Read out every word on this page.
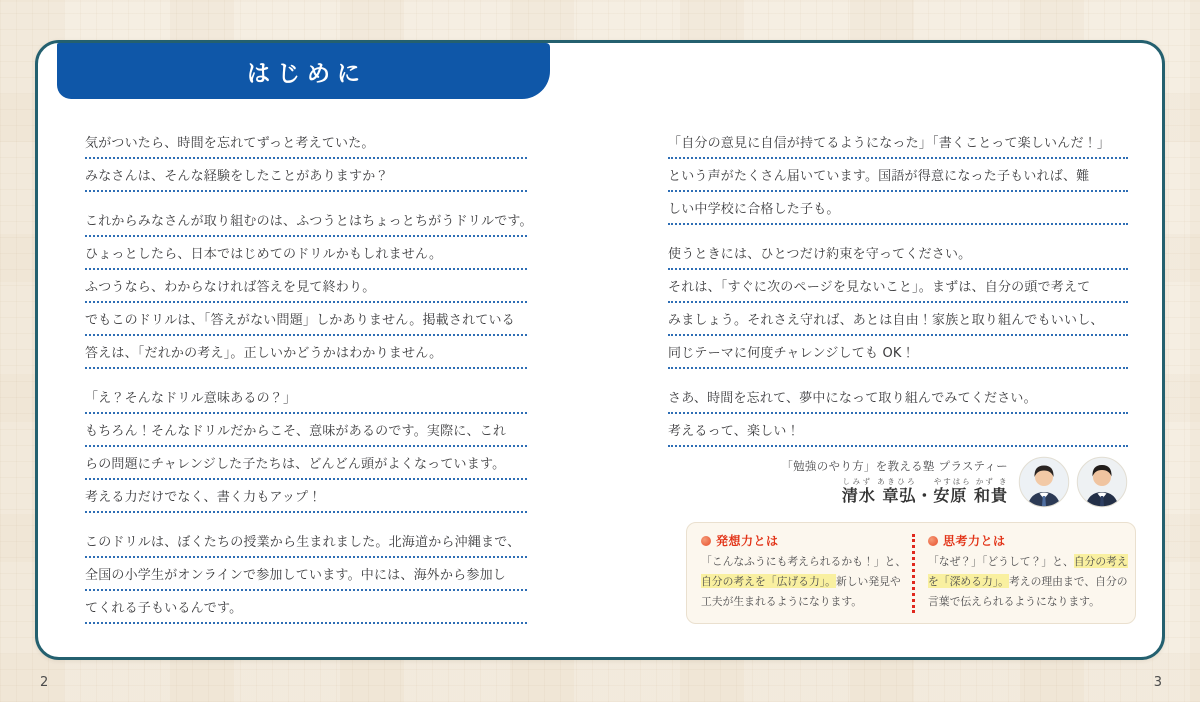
はじめに
気がついたら、時間を忘れてずっと考えていた。
みなさんは、そんな経験をしたことがありますか？
これからみなさんが取り組むのは、ふつうとはちょっとちがうドリルです。
ひょっとしたら、日本ではじめてのドリルかもしれません。
ふつうなら、わからなければ答えを見て終わり。
でもこのドリルは、「答えがない問題」しかありません。掲載されている
答えは、「だれかの考え」。正しいかどうかはわかりません。
「え？そんなドリル意味あるの？」
もちろん！そんなドリルだからこそ、意味があるのです。実際に、これ
らの問題にチャレンジした子たちは、どんどん頭がよくなっています。
考える力だけでなく、書く力もアップ！
このドリルは、ぼくたちの授業から生まれました。北海道から沖縄まで、
全国の小学生がオンラインで参加しています。中には、海外から参加し
てくれる子もいるんです。
「自分の意見に自信が持てるようになった」「書くことって楽しいんだ！」
という声がたくさん届いています。国語が得意になった子もいれば、難
しい中学校に合格した子も。
使うときには、ひとつだけ約束を守ってください。
それは、「すぐに次のページを見ないこと」。まずは、自分の頭で考えて
みましょう。それさえ守れば、あとは自由！家族と取り組んでもいいし、
同じテーマに何度チャレンジしても OK！
さあ、時間を忘れて、夢中になって取り組んでみてください。
考えるって、楽しい！
「勉強のやり方」を教える塾 プラスティー
清水 章弘しみず あきひろ・安原 和貴やすはら かず き
発想力とは
「こんなふうにも考えられるかも！」と、
自分の考えを「広げる力」。新しい発見や
工夫が生まれるようになります。
思考力とは
「なぜ？」「どうして？」と、自分の考え
を「深める力」。考えの理由まで、自分の
言葉で伝えられるようになります。
2	3
